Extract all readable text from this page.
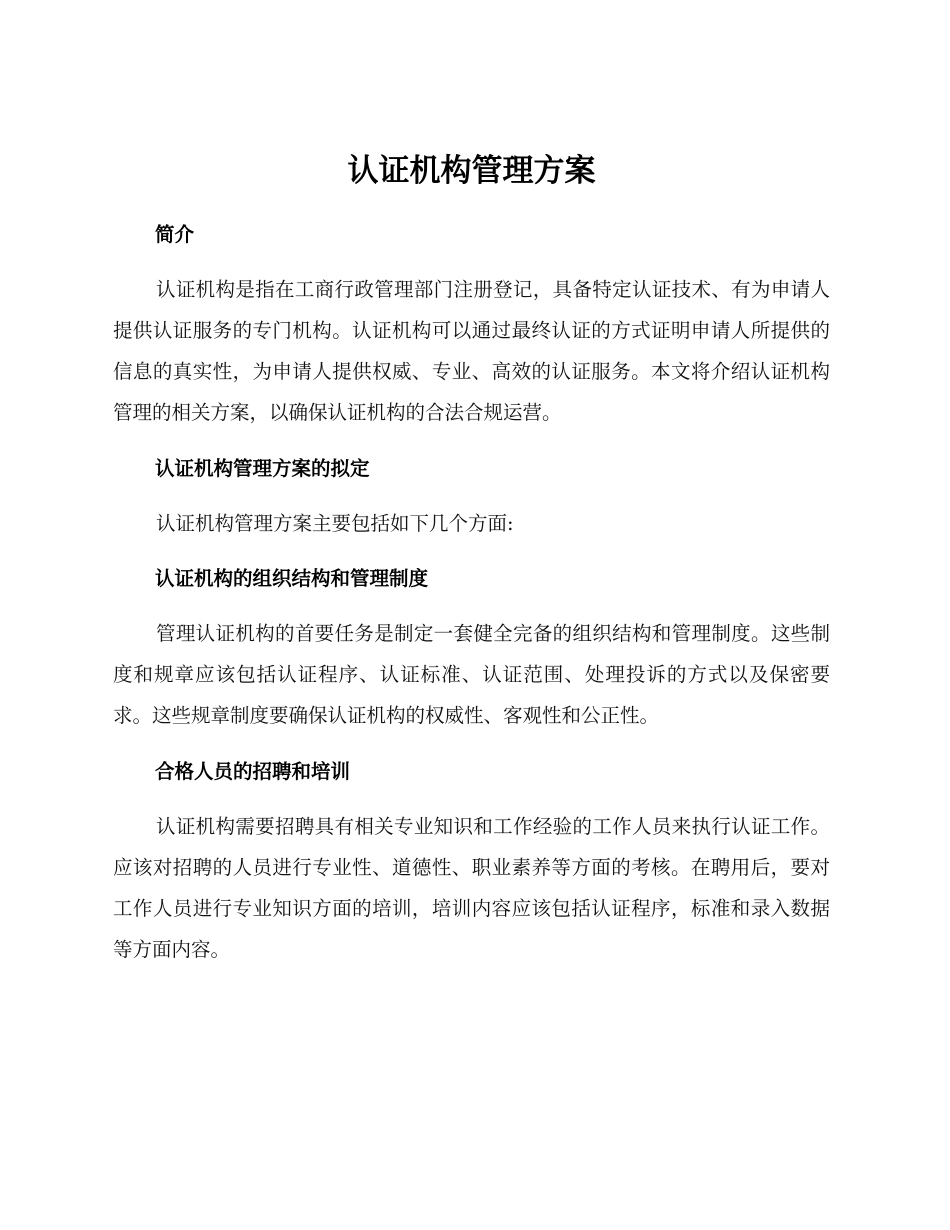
认证机构管理方案
简介

认证机构是指在工商行政管理部门注册登记，具备特定认证技术、有为申请人提供认证服务的专门机构。认证机构可以通过最终认证的方式证明申请人所提供的信息的真实性，为申请人提供权威、专业、高效的认证服务。本文将介绍认证机构管理的相关方案，以确保认证机构的合法合规运营。

认证机构管理方案的拟定

认证机构管理方案主要包括如下几个方面:

认证机构的组织结构和管理制度

管理认证机构的首要任务是制定一套健全完备的组织结构和管理制度。这些制度和规章应该包括认证程序、认证标准、认证范围、处理投诉的方式以及保密要求。这些规章制度要确保认证机构的权威性、客观性和公正性。

合格人员的招聘和培训

认证机构需要招聘具有相关专业知识和工作经验的工作人员来执行认证工作。应该对招聘的人员进行专业性、道德性、职业素养等方面的考核。在聘用后，要对工作人员进行专业知识方面的培训，培训内容应该包括认证程序，标准和录入数据等方面内容。
